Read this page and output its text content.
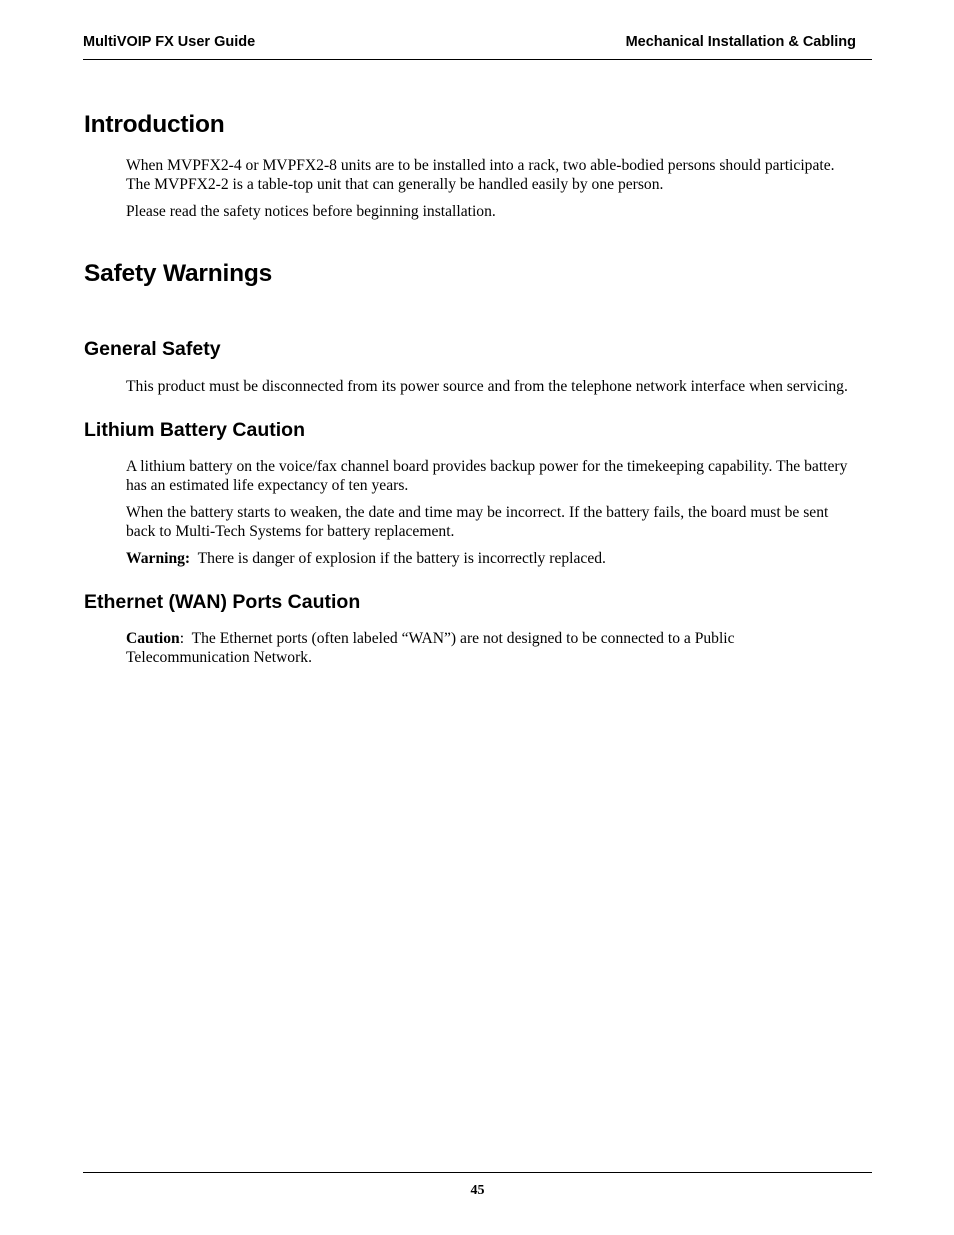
MultiVOIP FX User Guide	Mechanical Installation & Cabling
Introduction

When MVPFX2-4 or MVPFX2-8 units are to be installed into a rack, two able-bodied persons should participate. The MVPFX2-2 is a table-top unit that can generally be handled easily by one person.

Please read the safety notices before beginning installation.

Safety Warnings
General Safety

This product must be disconnected from its power source and from the telephone network interface when servicing.

Lithium Battery Caution

A lithium battery on the voice/fax channel board provides backup power for the timekeeping capability. The battery has an estimated life expectancy of ten years.

When the battery starts to weaken, the date and time may be incorrect. If the battery fails, the board must be sent back to Multi-Tech Systems for battery replacement.

Warning:  There is danger of explosion if the battery is incorrectly replaced.

Ethernet (WAN) Ports Caution

Caution:  The Ethernet ports (often labeled “WAN”) are not designed to be connected to a Public Telecommunication Network.

45
